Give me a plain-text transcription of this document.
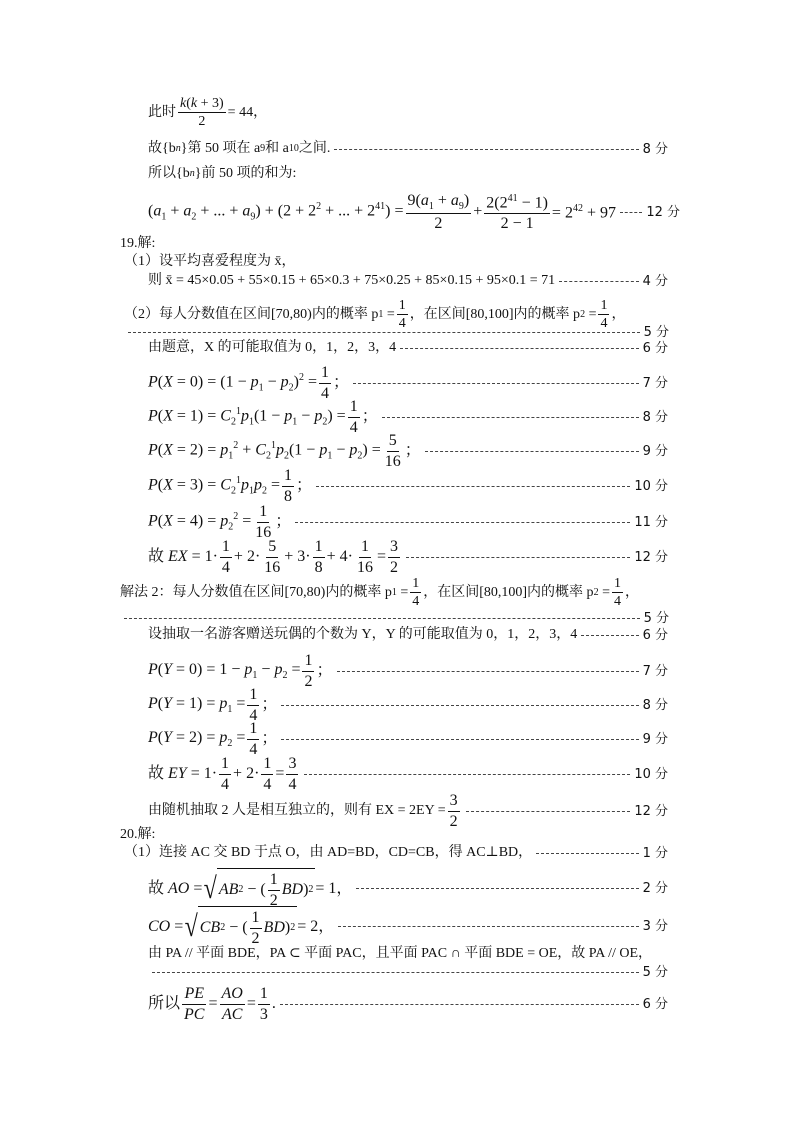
此时 $\frac{k(k + 3)}{2} = 44$，
故{b n }第 50 项在 a 9 和 a 10 之间.	8 分
所以{b n }前 50 项的和为:
($a_1 + a_2$ + ... + $a_9) + (2 + 2^2$ + ... + $2^{41}) = \frac{9(a_1 + a_9)}{2} + \frac{2(2^{41} - 1)}{2 - 1} = 2^{42} + 97$ 12 分
19.解:
（1）设平均喜爱程度为 x̄，
则 x̄ = 45×0.05 + 55×0.15 + 65×0.3 + 75×0.25 + 85×0.15 + 95×0.1 = 71	4 分
（2）每人分数值在区间[70,80)内的概率 p $1 = \frac{1}{4}$ ，在区间[80,100]内的概率 p $2 = \frac{1}{4}$ ，
5 分
由题意，X 的可能取值为 0，1，2，3，4	6 分
$P(X = 0) = (1 - p_1 - p_2)^2 = \frac{1}{4}$ ；	7 分
$P(X = 1) = C_2^1p_1(1 - p_1 - p_2) = \frac{1}{4}$ ；	8 分
$P(X = 2) = p_1^2 + C_2^1p_2(1 - p_1 - p_2) = \frac{5}{16}$ ；	9 分
$P(X = 3) = C_2^1p_1p_2 = \frac{1}{8}$ ；	10 分
$P(X = 4) = p_2^2 = \frac{1}{16}$ ；	11 分
故 EX = $1\cdot \frac{1}{4} + 2\cdot \frac{5}{16} + 3\cdot \frac{1}{8} + 4\cdot \frac{1}{16} = \frac{3}{2}$	12 分
解法 2：每人分数值在区间[70,80)内的概率 p $1 = \frac{1}{4}$ ，在区间[80,100]内的概率 p $2 = \frac{1}{4}$ ，
5 分
设抽取一名游客赠送玩偶的个数为 Y，Y 的可能取值为 0，1，2，3，4	6 分
$P(Y = 0) = 1 - p_1 - p_2 = \frac{1}{2}$ ；	7 分
$P(Y = 1) = p_1 = \frac{1}{4}$ ；	8 分
$P(Y = 2) = p_2 = \frac{1}{4}$ ；	9 分
故 EY = $1\cdot \frac{1}{4} + 2\cdot \frac{1}{4} = \frac{3}{4}$	10 分
由随机抽取 2 人是相互独立的，则有 EX = $2EY = \frac{3}{2}$	12 分
20.解:
（1）连接 AC 交 BD 于点 O，由 AD=BD，CD=CB，得 AC⊥BD，	1 分
故 AO = √ AB 2 − ( $\frac{1}{2}$ BD ) 2 = 1，	2 分
CO = √ CB 2 − ( $\frac{1}{2}$ BD ) 2 = 2，	3 分
由 PA // 平面 BDE，PA ⊂ 平面 PAC，且平面 PAC ∩ 平面 BDE = OE，故 PA // OE，
5 分
所以 $\frac{PE}{PC} = \frac{AO}{AC} = \frac{1}{3}$ .	6 分
